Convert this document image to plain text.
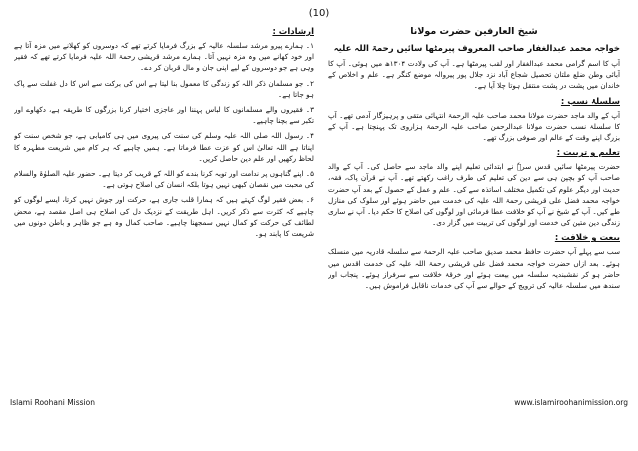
(10)
شیخ العارفین حضرت مولانا
خواجہ محمد عبدالغفار صاحب المعروف پیرمٹھا سائیں رحمۃ اللہ علیہ

آپ کا اسم گرامی محمد عبدالغفار اور لقب پیرمٹھا ہے۔ آپ کی ولادت ۱۳۰۴ھ میں ہوئی۔ آپ کا آبائی وطن ضلع ملتان تحصیل شجاع آباد نزد جلال پور پیروالہ موضع کنگر ہے۔ علم و اخلاص کے خاندان میں پشت در پشت منتقل ہوتا چلا آیا ہے۔

سلسلۂ نسب :

آپ کے والد ماجد حضرت مولانا محمد صاحب علیہ الرحمۃ انتہائی متقی و پرہیزگار آدمی تھے۔ آپ کا سلسلۂ نسب حضرت مولانا عبدالرحمن صاحب علیہ الرحمۃ ہزاروی تک پہنچتا ہے۔ آپ کے بزرگ اپنے وقت کے عالم اور صوفی بزرگ تھے۔

تعلیم و تربیت :

حضرت پیرمٹھا سائیں قدس سرہٗ نے ابتدائی تعلیم اپنے والد ماجد سے حاصل کی۔ آپ کے والد صاحب آپ کو بچپن ہی سے دین کی تعلیم کی طرف راغب رکھتے تھے۔ آپ نے قرآن پاک، فقہ، حدیث اور دیگر علوم کی تکمیل مختلف اساتذہ سے کی۔ علم و عمل کے حصول کے بعد آپ حضرت خواجہ محمد فضل علی قریشی رحمۃ اللہ علیہ کی خدمت میں حاضر ہوئے اور سلوک کی منازل طے کیں۔ آپ کے شیخ نے آپ کو خلافت عطا فرمائی اور لوگوں کی اصلاح کا حکم دیا۔ آپ نے ساری زندگی دین متین کی خدمت اور لوگوں کی تربیت میں گزار دی۔

بیعت و خلافت :

سب سے پہلے آپ حضرت حافظ محمد صدیق صاحب علیہ الرحمۃ سے سلسلہ قادریہ میں منسلک ہوئے۔ بعد ازاں حضرت خواجہ محمد فضل علی قریشی رحمۃ اللہ علیہ کی خدمت اقدس میں حاضر ہو کر نقشبندیہ سلسلہ میں بیعت ہوئے اور خرقۂ خلافت سے سرفراز ہوئے۔ پنجاب اور سندھ میں سلسلہ عالیہ کی ترویج کے حوالے سے آپ کی خدمات ناقابل فراموش ہیں۔

ارشادات :

۱۔ ہمارے پیرو مرشد سلسلہ عالیہ کے بزرگ فرمایا کرتے تھے کہ دوسروں کو کھلانے میں مزہ آتا ہے اور خود کھانے میں وہ مزہ نہیں آتا۔ ہمارے مرشد قریشی رحمۃ اللہ علیہ فرمایا کرتے تھے کہ فقیر وہی ہے جو دوسروں کے لیے اپنی جان و مال قربان کر دے۔

۲۔ جو مسلمان ذکر اللہ کو زندگی کا معمول بنا لیتا ہے اس کی برکت سے اس کا دل غفلت سے پاک ہو جاتا ہے۔

۳۔ فقیروں والے مسلمانوں کا لباس پہننا اور عاجزی اختیار کرنا بزرگوں کا طریقہ ہے، دکھاوے اور تکبر سے بچنا چاہیے۔

۴۔ رسول اللہ صلی اللہ علیہ وسلم کی سنت کی پیروی میں ہی کامیابی ہے، جو شخص سنت کو اپناتا ہے اللہ تعالیٰ اس کو عزت عطا فرماتا ہے۔ ہمیں چاہیے کہ ہر کام میں شریعت مطہرہ کا لحاظ رکھیں اور علم دین حاصل کریں۔

۵۔ اپنے گناہوں پر ندامت اور توبہ کرنا بندے کو اللہ کے قریب کر دیتا ہے۔ حضور علیہ الصلوٰۃ والسلام کی محبت میں نقصان کبھی نہیں ہوتا بلکہ انسان کی اصلاح ہوتی ہے۔

۶۔ بعض فقیر لوگ کہتے ہیں کہ ہمارا قلب جاری ہے، حرکت اور جوش نہیں کرتا، ایسے لوگوں کو چاہیے کہ کثرت سے ذکر کریں۔ اہل طریقت کے نزدیک دل کی اصلاح ہی اصل مقصد ہے، محض لطائف کی حرکت کو کمال نہیں سمجھنا چاہیے۔ صاحب کمال وہ ہے جو ظاہر و باطن دونوں میں شریعت کا پابند ہو۔

Islami Roohani Mission	www.islamiroohanimission.org
